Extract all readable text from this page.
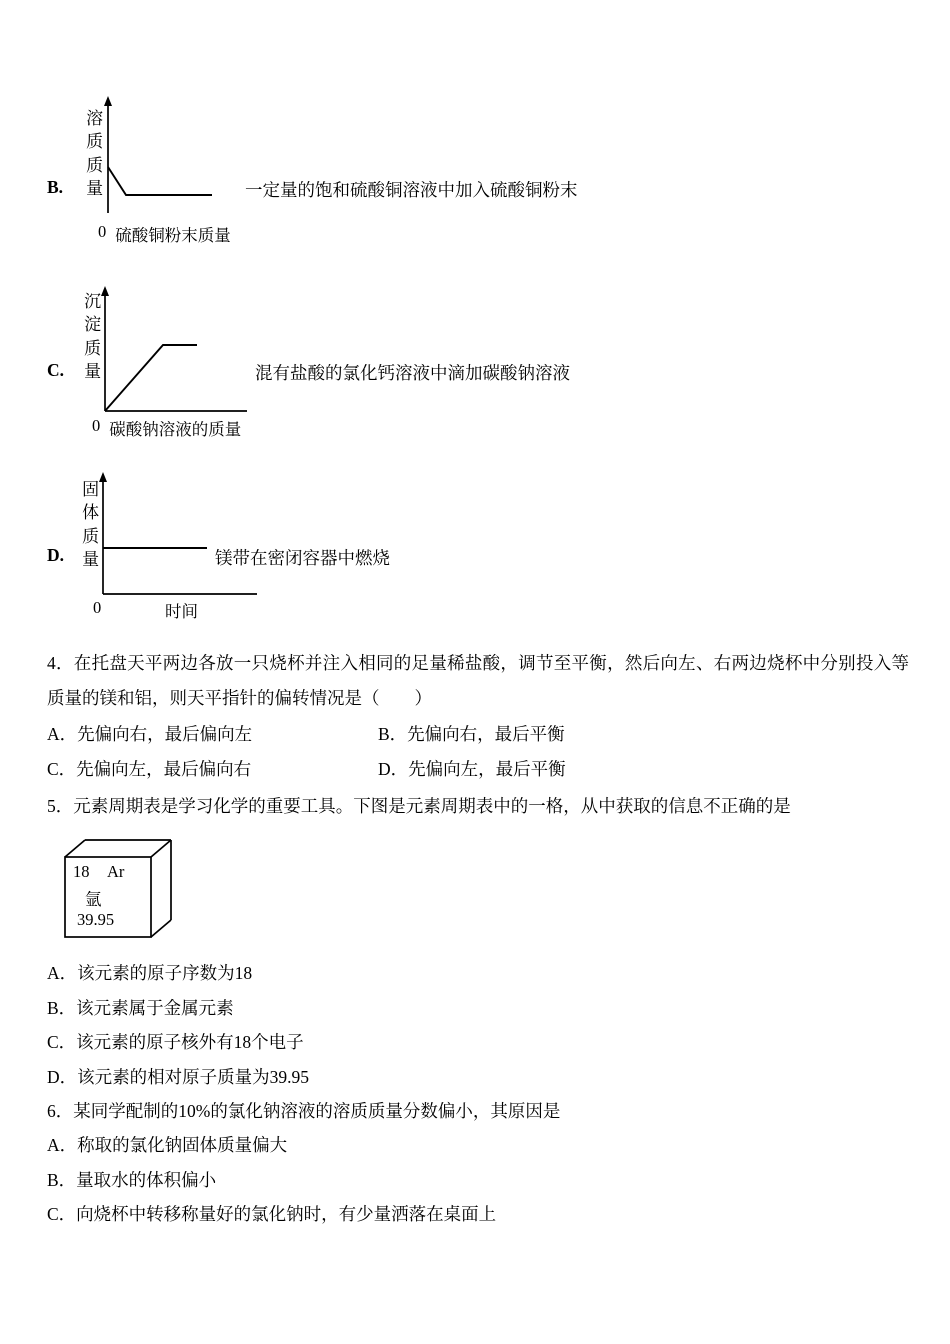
B.
溶质质量
0 硫酸铜粉末质量
一定量的饱和硫酸铜溶液中加入硫酸铜粉末
C.
沉淀质量
0 碳酸钠溶液的质量
混有盐酸的氯化钙溶液中滴加碳酸钠溶液
D.
固体质量
0	时间
镁带在密闭容器中燃烧
4．在托盘天平两边各放一只烧杯并注入相同的足量稀盐酸，调节至平衡，然后向左、右两边烧杯中分别投入等质量的镁和铝，则天平指针的偏转情况是（　　）
A．先偏向右，最后偏向左	B．先偏向右，最后平衡
C．先偏向左，最后偏向右	D．先偏向左，最后平衡
5．元素周期表是学习化学的重要工具。下图是元素周期表中的一格，从中获取的信息不正确的是
18 Ar
氩
39.95
A．该元素的原子序数为18
B．该元素属于金属元素
C．该元素的原子核外有18个电子
D．该元素的相对原子质量为39.95
6．某同学配制的10%的氯化钠溶液的溶质质量分数偏小，其原因是
A．称取的氯化钠固体质量偏大
B．量取水的体积偏小
C．向烧杯中转移称量好的氯化钠时，有少量洒落在桌面上
